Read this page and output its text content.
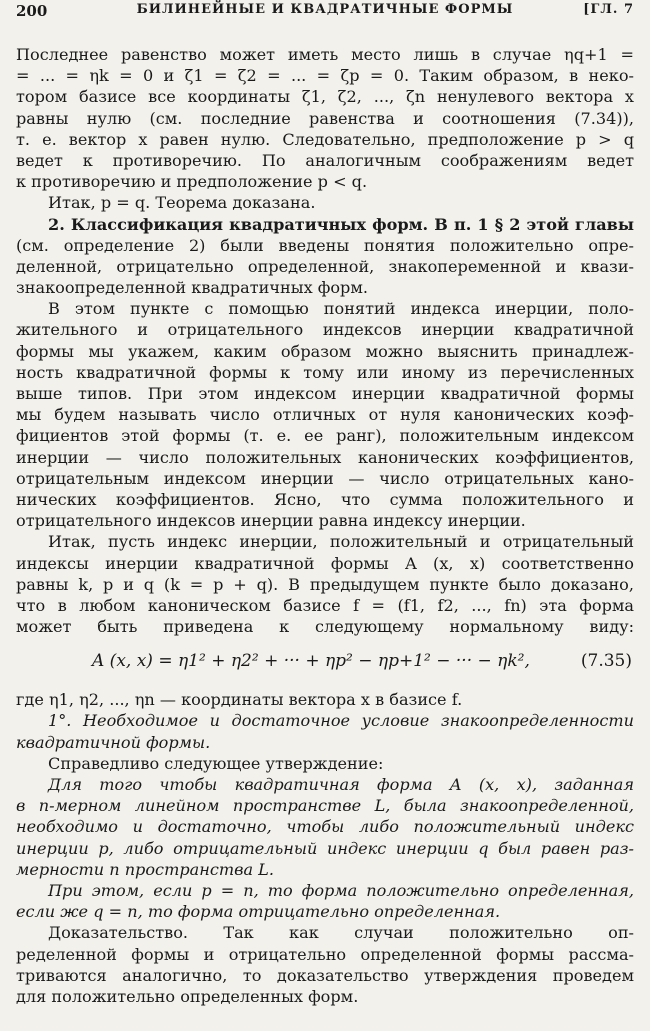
200	БИЛИНЕЙНЫЕ И КВАДРАТИЧНЫЕ ФОРМЫ	[ГЛ. 7
Последнее равенство может иметь место лишь в случае ηq+1 =
= ... = ηk = 0 и ζ1 = ζ2 = ... = ζp = 0. Таким образом, в неко-
тором базисе все координаты ζ1, ζ2, ..., ζn ненулевого вектора x
равны нулю (см. последние равенства и соотношения (7.34)),
т. е. вектор x равен нулю. Следовательно, предположение p > q
ведет к противоречию. По аналогичным соображениям ведет
к противоречию и предположение p < q.
Итак, p = q. Теорема доказана.
2. Классификация квадратичных форм. В п. 1 § 2 этой главы
(см. определение 2) были введены понятия положительно опре-
деленной, отрицательно определенной, знакопеременной и квази-
знакоопределенной квадратичных форм.
В этом пункте с помощью понятий индекса инерции, поло-
жительного и отрицательного индексов инерции квадратичной
формы мы укажем, каким образом можно выяснить принадлеж-
ность квадратичной формы к тому или иному из перечисленных
выше типов. При этом индексом инерции квадратичной формы
мы будем называть число отличных от нуля канонических коэф-
фициентов этой формы (т. е. ее ранг), положительным индексом
инерции — число положительных канонических коэффициентов,
отрицательным индексом инерции — число отрицательных кано-
нических коэффициентов. Ясно, что сумма положительного и
отрицательного индексов инерции равна индексу инерции.
Итак, пусть индекс инерции, положительный и отрицательный
индексы инерции квадратичной формы A (x, x) соответственно
равны k, p и q (k = p + q). В предыдущем пункте было доказано,
что в любом каноническом базисе f = (f1, f2, ..., fn) эта форма
может быть приведена к следующему нормальному виду:
A (x, x) = η1² + η2² + ··· + ηp² − ηp+1² − ··· − ηk²,	(7.35)
где η1, η2, ..., ηn — координаты вектора x в базисе f.
1°. Необходимое и достаточное условие знакоопределенности
квадратичной формы.
Справедливо следующее утверждение:
Для того чтобы квадратичная форма A (x, x), заданная
в n-мерном линейном пространстве L, была знакоопределенной,
необходимо и достаточно, чтобы либо положительный индекс
инерции p, либо отрицательный индекс инерции q был равен раз-
мерности n пространства L.
При этом, если p = n, то форма положительно определенная,
если же q = n, то форма отрицательно определенная.
Доказательство. Так как случаи положительно оп-
ределенной формы и отрицательно определенной формы рассма-
триваются аналогично, то доказательство утверждения проведем
для положительно определенных форм.
